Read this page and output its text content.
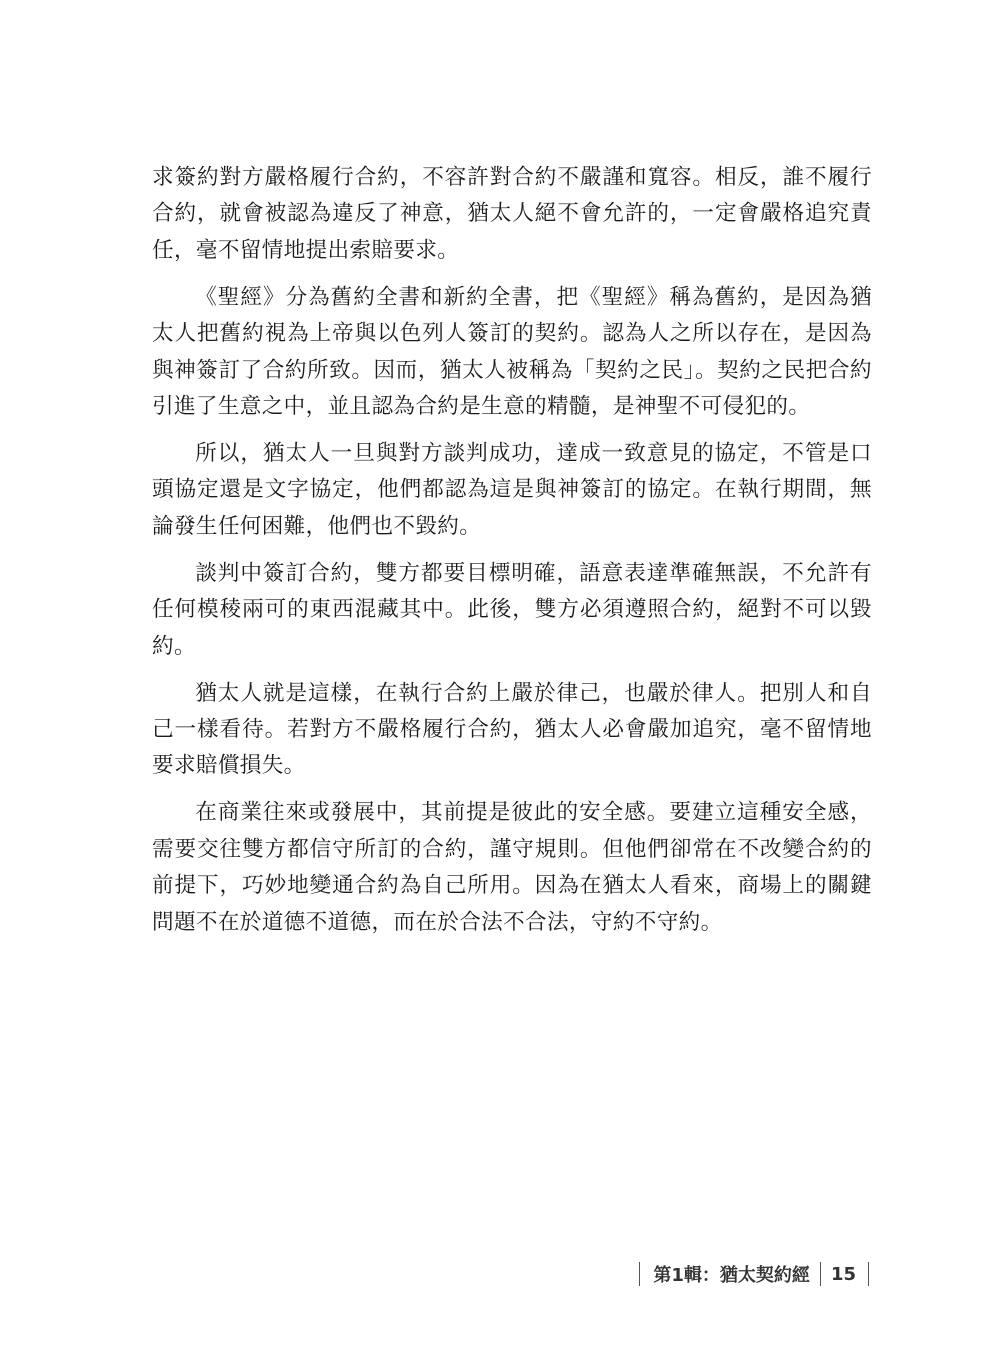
求簽約對方嚴格履行合約，不容許對合約不嚴謹和寬容。相反，誰不履行合約，就會被認為違反了神意，猶太人絕不會允許的，一定會嚴格追究責任，毫不留情地提出索賠要求。

《聖經》分為舊約全書和新約全書，把《聖經》稱為舊約，是因為猶太人把舊約視為上帝與以色列人簽訂的契約。認為人之所以存在，是因為與神簽訂了合約所致。因而，猶太人被稱為「契約之民」。契約之民把合約引進了生意之中，並且認為合約是生意的精髓，是神聖不可侵犯的。

所以，猶太人一旦與對方談判成功，達成一致意見的協定，不管是口頭協定還是文字協定，他們都認為這是與神簽訂的協定。在執行期間，無論發生任何困難，他們也不毀約。

談判中簽訂合約，雙方都要目標明確，語意表達準確無誤，不允許有任何模稜兩可的東西混藏其中。此後，雙方必須遵照合約，絕對不可以毀約。

猶太人就是這樣，在執行合約上嚴於律己，也嚴於律人。把別人和自己一樣看待。若對方不嚴格履行合約，猶太人必會嚴加追究，毫不留情地要求賠償損失。

在商業往來或發展中，其前提是彼此的安全感。要建立這種安全感，需要交往雙方都信守所訂的合約，謹守規則。但他們卻常在不改變合約的前提下，巧妙地變通合約為自己所用。因為在猶太人看來，商場上的關鍵問題不在於道德不道德，而在於合法不合法，守約不守約。

第1輯：猶太契約經	15
